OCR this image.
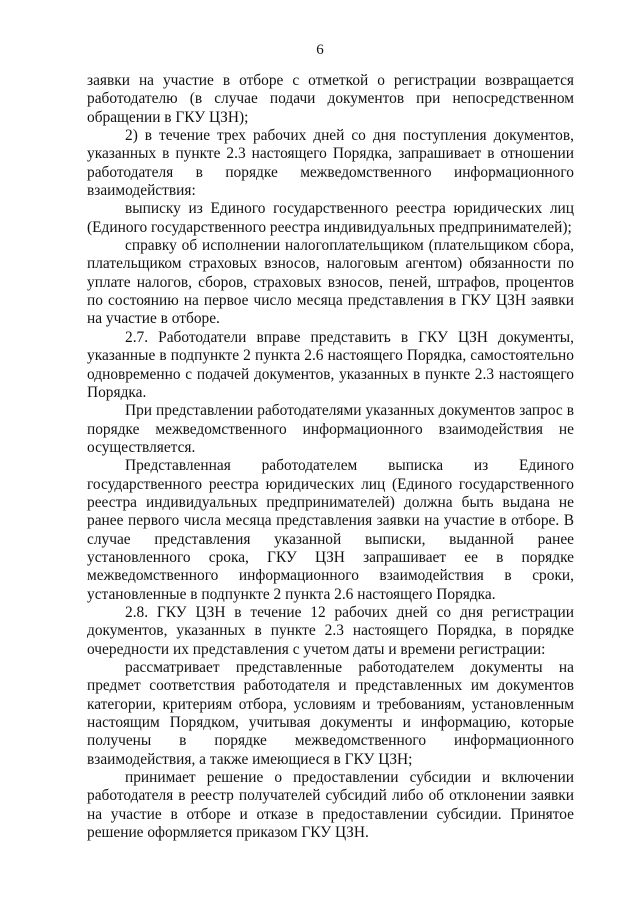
6

заявки на участие в отборе с отметкой о регистрации возвращается работодателю (в случае подачи документов при непосредственном обращении в ГКУ ЦЗН);

2) в течение трех рабочих дней со дня поступления документов, указанных в пункте 2.3 настоящего Порядка, запрашивает в отношении работодателя в порядке межведомственного информационного взаимодействия:

выписку из Единого государственного реестра юридических лиц (Единого государственного реестра индивидуальных предпринимателей);

справку об исполнении налогоплательщиком (плательщиком сбора, плательщиком страховых взносов, налоговым агентом) обязанности по уплате налогов, сборов, страховых взносов, пеней, штрафов, процентов по состоянию на первое число месяца представления в ГКУ ЦЗН заявки на участие в отборе.

2.7. Работодатели вправе представить в ГКУ ЦЗН документы, указанные в подпункте 2 пункта 2.6 настоящего Порядка, самостоятельно одновременно с подачей документов, указанных в пункте 2.3 настоящего Порядка.

При представлении работодателями указанных документов запрос в порядке межведомственного информационного взаимодействия не осуществляется.

Представленная работодателем выписка из Единого государственного реестра юридических лиц (Единого государственного реестра индивидуальных предпринимателей) должна быть выдана не ранее первого числа месяца представления заявки на участие в отборе. В случае представления указанной выписки, выданной ранее установленного срока, ГКУ ЦЗН запрашивает ее в порядке межведомственного информационного взаимодействия в сроки, установленные в подпункте 2 пункта 2.6 настоящего Порядка.

2.8. ГКУ ЦЗН в течение 12 рабочих дней со дня регистрации документов, указанных в пункте 2.3 настоящего Порядка, в порядке очередности их представления с учетом даты и времени регистрации:

рассматривает представленные работодателем документы на предмет соответствия работодателя и представленных им документов категории, критериям отбора, условиям и требованиям, установленным настоящим Порядком, учитывая документы и информацию, которые получены в порядке межведомственного информационного взаимодействия, а также имеющиеся в ГКУ ЦЗН;

принимает решение о предоставлении субсидии и включении работодателя в реестр получателей субсидий либо об отклонении заявки на участие в отборе и отказе в предоставлении субсидии. Принятое решение оформляется приказом ГКУ ЦЗН.
